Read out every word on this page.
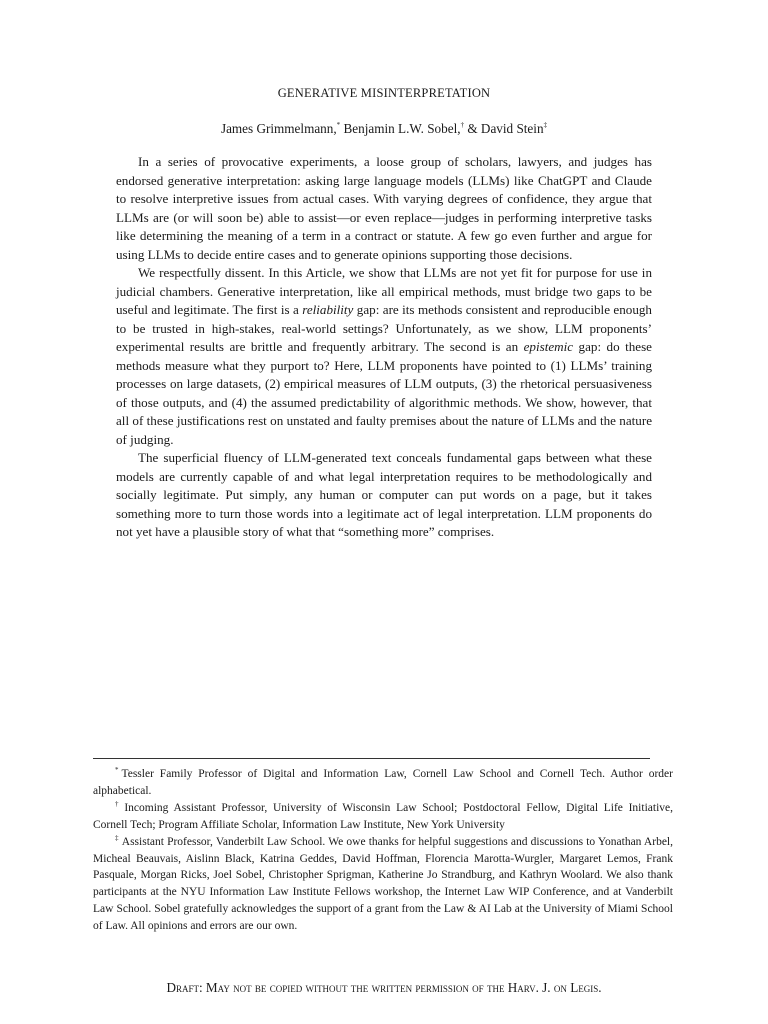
GENERATIVE MISINTERPRETATION
James Grimmelmann,* Benjamin L.W. Sobel,† & David Stein‡

In a series of provocative experiments, a loose group of scholars, lawyers, and judges has endorsed generative interpretation: asking large language models (LLMs) like ChatGPT and Claude to resolve interpretive issues from actual cases. With varying degrees of confidence, they argue that LLMs are (or will soon be) able to assist—or even replace—judges in performing interpretive tasks like determining the meaning of a term in a contract or statute. A few go even further and argue for using LLMs to decide entire cases and to generate opinions supporting those decisions.

We respectfully dissent. In this Article, we show that LLMs are not yet fit for purpose for use in judicial chambers. Generative interpretation, like all empirical methods, must bridge two gaps to be useful and legitimate. The first is a reliability gap: are its methods consistent and reproducible enough to be trusted in high-stakes, real-world settings? Unfortunately, as we show, LLM proponents’ experimental results are brittle and frequently arbitrary. The second is an epistemic gap: do these methods measure what they purport to? Here, LLM proponents have pointed to (1) LLMs’ training processes on large datasets, (2) empirical measures of LLM outputs, (3) the rhetorical persuasiveness of those outputs, and (4) the assumed predictability of algorithmic methods. We show, however, that all of these justifications rest on unstated and faulty premises about the nature of LLMs and the nature of judging.

The superficial fluency of LLM-generated text conceals fundamental gaps between what these models are currently capable of and what legal interpretation requires to be methodologically and socially legitimate. Put simply, any human or computer can put words on a page, but it takes something more to turn those words into a legitimate act of legal interpretation. LLM proponents do not yet have a plausible story of what that “something more” comprises.

* Tessler Family Professor of Digital and Information Law, Cornell Law School and Cornell Tech. Author order alphabetical.

† Incoming Assistant Professor, University of Wisconsin Law School; Postdoctoral Fellow, Digital Life Initiative, Cornell Tech; Program Affiliate Scholar, Information Law Institute, New York University

‡ Assistant Professor, Vanderbilt Law School. We owe thanks for helpful suggestions and discussions to Yonathan Arbel, Micheal Beauvais, Aislinn Black, Katrina Geddes, David Hoffman, Florencia Marotta-Wurgler, Margaret Lemos, Frank Pasquale, Morgan Ricks, Joel Sobel, Christopher Sprigman, Katherine Jo Strandburg, and Kathryn Woolard. We also thank participants at the NYU Information Law Institute Fellows workshop, the Internet Law WIP Conference, and at Vanderbilt Law School. Sobel gratefully acknowledges the support of a grant from the Law & AI Lab at the University of Miami School of Law. All opinions and errors are our own.

Draft: May not be copied without the written permission of the Harv. J. on Legis.
